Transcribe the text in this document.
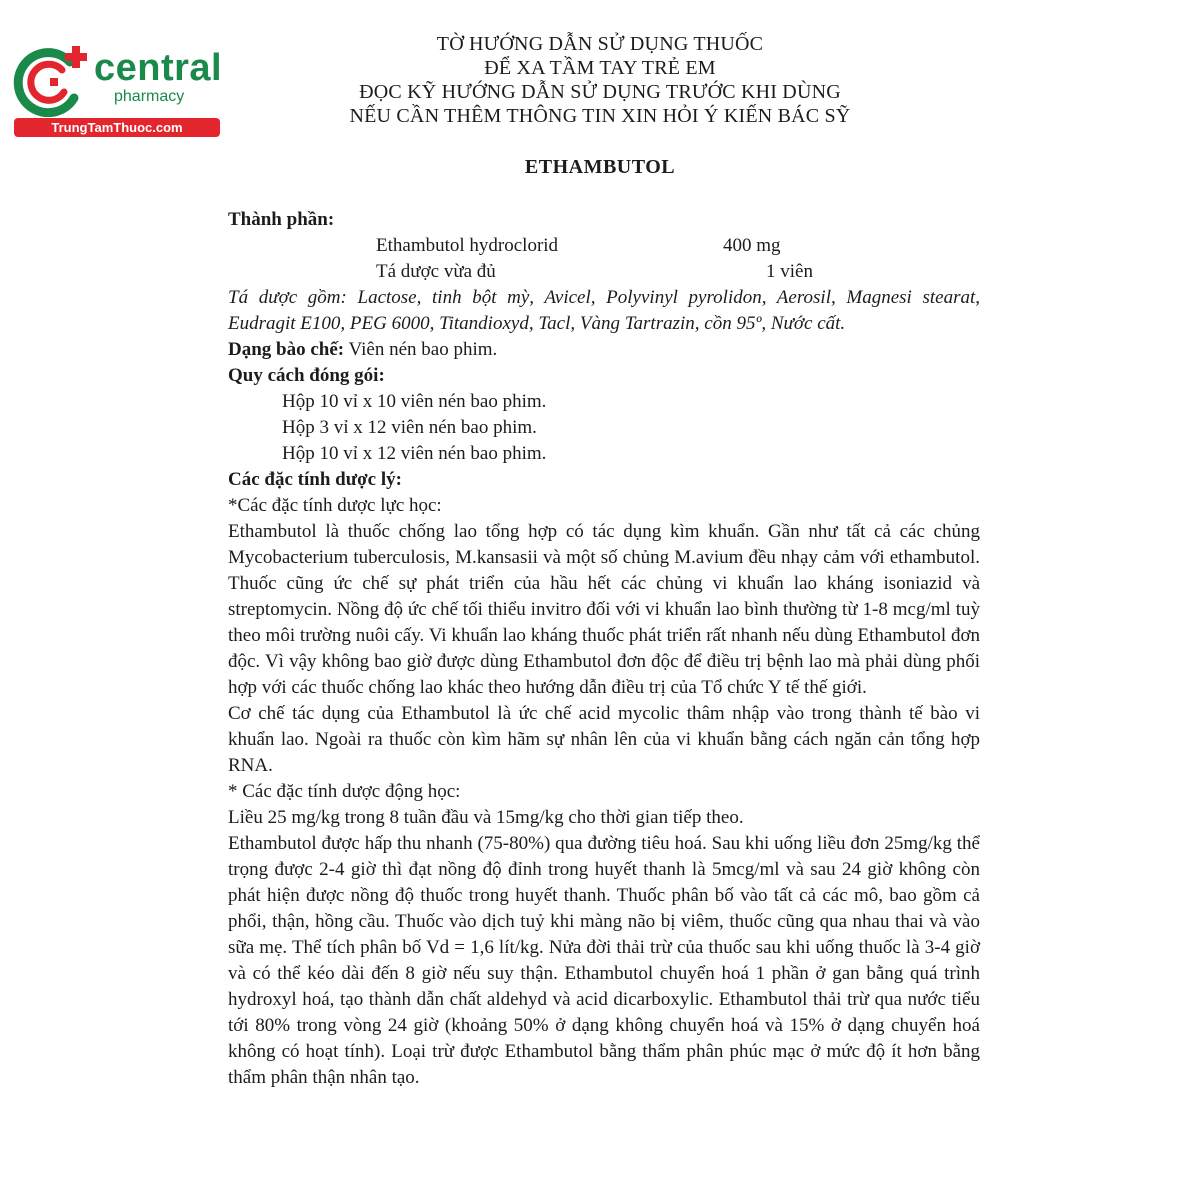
central
pharmacy
TrungTamThuoc.com
TỜ HƯỚNG DẪN SỬ DỤNG THUỐC
ĐỂ XA TẦM TAY TRẺ EM
ĐỌC KỸ HƯỚNG DẪN SỬ DỤNG TRƯỚC KHI DÙNG
NẾU CẦN THÊM THÔNG TIN XIN HỎI Ý KIẾN BÁC SỸ
ETHAMBUTOL

Thành phần:

Ethambutol hydroclorid	400 mg
Tá dược vừa đủ	1 viên

Tá dược gồm: Lactose, tinh bột mỳ, Avicel, Polyvinyl pyrolidon, Aerosil, Magnesi stearat, Eudragit E100, PEG 6000, Titandioxyd, Tacl, Vàng Tartrazin, cồn 95º, Nước cất.

Dạng bào chế: Viên nén bao phim.

Quy cách đóng gói:

Hộp 10 vỉ x 10 viên nén bao phim.

Hộp 3 vỉ x 12 viên nén bao phim.

Hộp 10 vỉ x 12 viên nén bao phim.

Các đặc tính dược lý:

*Các đặc tính dược lực học:

Ethambutol là thuốc chống lao tổng hợp có tác dụng kìm khuẩn. Gần như tất cả các chủng Mycobacterium tuberculosis, M.kansasii và một số chủng M.avium đều nhạy cảm với ethambutol. Thuốc cũng ức chế sự phát triển của hầu hết các chủng vi khuẩn lao kháng isoniazid và streptomycin. Nồng độ ức chế tối thiểu invitro đối với vi khuẩn lao bình thường từ 1-8 mcg/ml tuỳ theo môi trường nuôi cấy. Vi khuẩn lao kháng thuốc phát triển rất nhanh nếu dùng Ethambutol đơn độc. Vì vậy không bao giờ được dùng Ethambutol đơn độc để điều trị bệnh lao mà phải dùng phối hợp với các thuốc chống lao khác theo hướng dẫn điều trị của Tổ chức Y tế thế giới.

Cơ chế tác dụng của Ethambutol là ức chế acid mycolic thâm nhập vào trong thành tế bào vi khuẩn lao. Ngoài ra thuốc còn kìm hãm sự nhân lên của vi khuẩn bằng cách ngăn cản tổng hợp RNA.

* Các đặc tính dược động học:

Liều 25 mg/kg trong 8 tuần đầu và 15mg/kg cho thời gian tiếp theo.

Ethambutol được hấp thu nhanh (75-80%) qua đường tiêu hoá. Sau khi uống liều đơn 25mg/kg thể trọng được 2-4 giờ thì đạt nồng độ đỉnh trong huyết thanh là 5mcg/ml và sau 24 giờ không còn phát hiện được nồng độ thuốc trong huyết thanh. Thuốc phân bố vào tất cả các mô, bao gồm cả phổi, thận, hồng cầu. Thuốc vào dịch tuỷ khi màng não bị viêm, thuốc cũng qua nhau thai và vào sữa mẹ. Thể tích phân bố Vd = 1,6 lít/kg. Nửa đời thải trừ của thuốc sau khi uống thuốc là 3-4 giờ và có thể kéo dài đến 8 giờ nếu suy thận. Ethambutol chuyển hoá 1 phần ở gan bằng quá trình hydroxyl hoá, tạo thành dẫn chất aldehyd và acid dicarboxylic. Ethambutol thải trừ qua nước tiểu tới 80% trong vòng 24 giờ (khoảng 50% ở dạng không chuyển hoá và 15% ở dạng chuyển hoá không có hoạt tính). Loại trừ được Ethambutol bằng thẩm phân phúc mạc ở mức độ ít hơn bằng thẩm phân thận nhân tạo.
